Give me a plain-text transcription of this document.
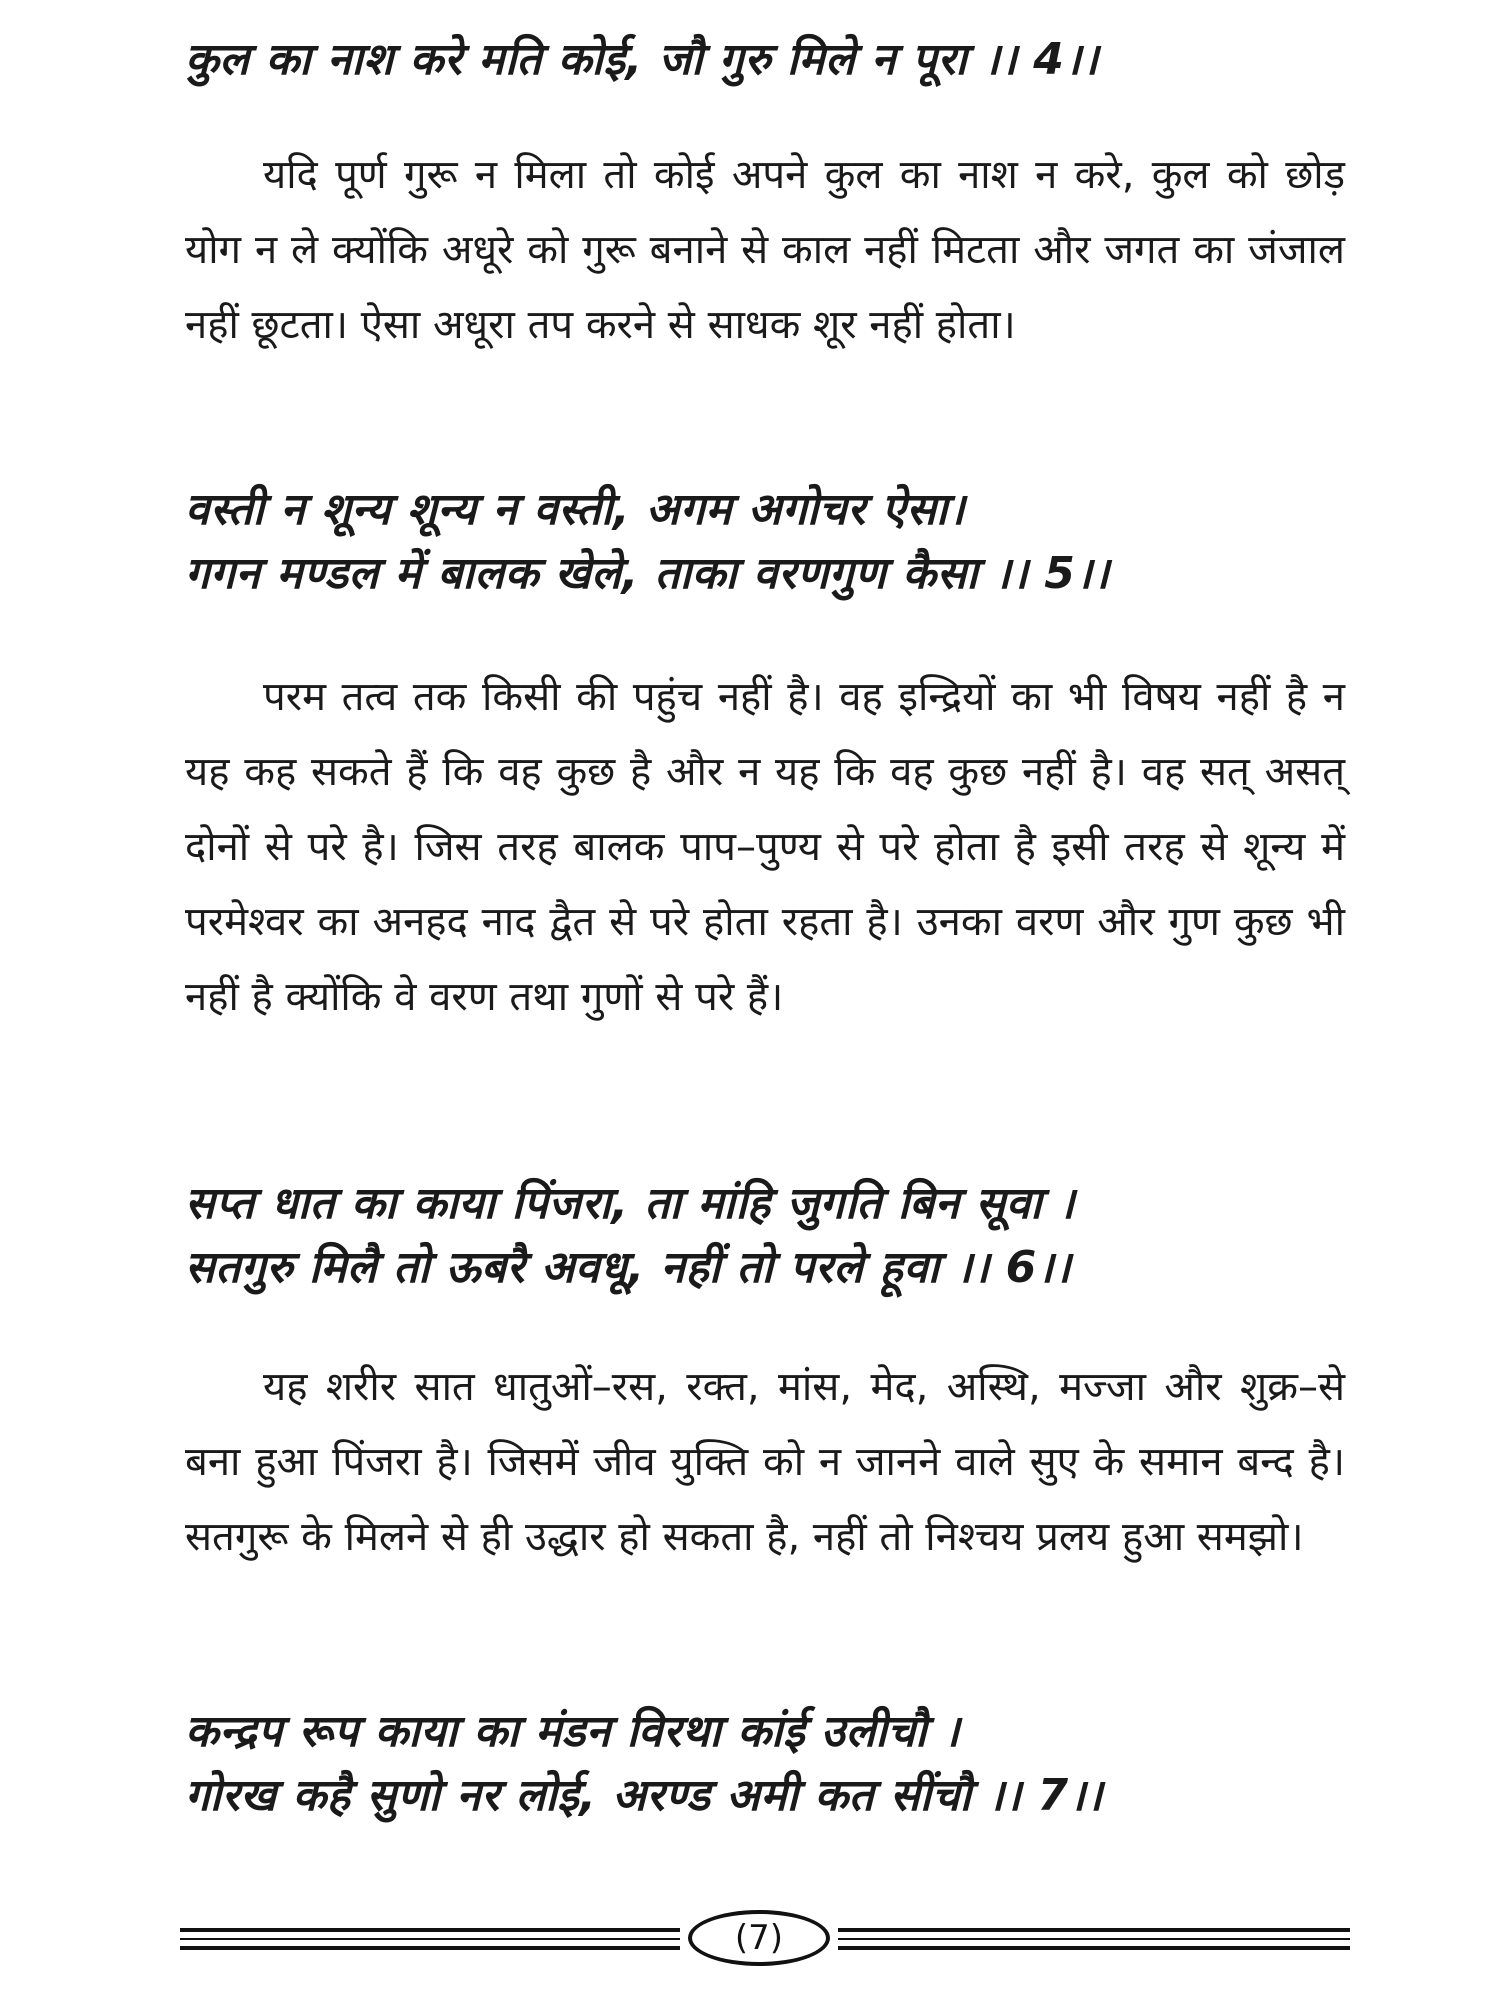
कुल का नाश करे मति कोई, जौ गुरु मिले न पूरा ।। 4।।

यदि पूर्ण गुरू न मिला तो कोई अपने कुल का नाश न करे, कुल को छोड़ योग न ले क्योंकि अधूरे को गुरू बनाने से काल नहीं मिटता और जगत का जंजाल नहीं छूटता। ऐसा अधूरा तप करने से साधक शूर नहीं होता।

वस्ती न शून्य शून्य न वस्ती, अगम अगोचर ऐसा।
गगन मण्डल में बालक खेले, ताका वरणगुण कैसा ।। 5।।

परम तत्व तक किसी की पहुंच नहीं है। वह इन्द्रियों का भी विषय नहीं है न यह कह सकते हैं कि वह कुछ है और न यह कि वह कुछ नहीं है। वह सत् असत् दोनों से परे है। जिस तरह बालक पाप–पुण्य से परे होता है इसी तरह से शून्य में परमेश्वर का अनहद नाद द्वैत से परे होता रहता है। उनका वरण और गुण कुछ भी नहीं है क्योंकि वे वरण तथा गुणों से परे हैं।

सप्त धात का काया पिंजरा, ता मांहि जुगति बिन सूवा ।
सतगुरु मिलै तो ऊबरै अवधू, नहीं तो परले हूवा ।। 6।।

यह शरीर सात धातुओं–रस, रक्त, मांस, मेद, अस्थि, मज्जा और शुक्र–से बना हुआ पिंजरा है। जिसमें जीव युक्ति को न जानने वाले सुए के समान बन्द है। सतगुरू के मिलने से ही उद्धार हो सकता है, नहीं तो निश्चय प्रलय हुआ समझो।

कन्द्रप रूप काया का मंडन विरथा कांई उलीचौ ।
गोरख कहै सुणो नर लोई, अरण्ड अमी कत सींचौ ।। 7।।
(7)
